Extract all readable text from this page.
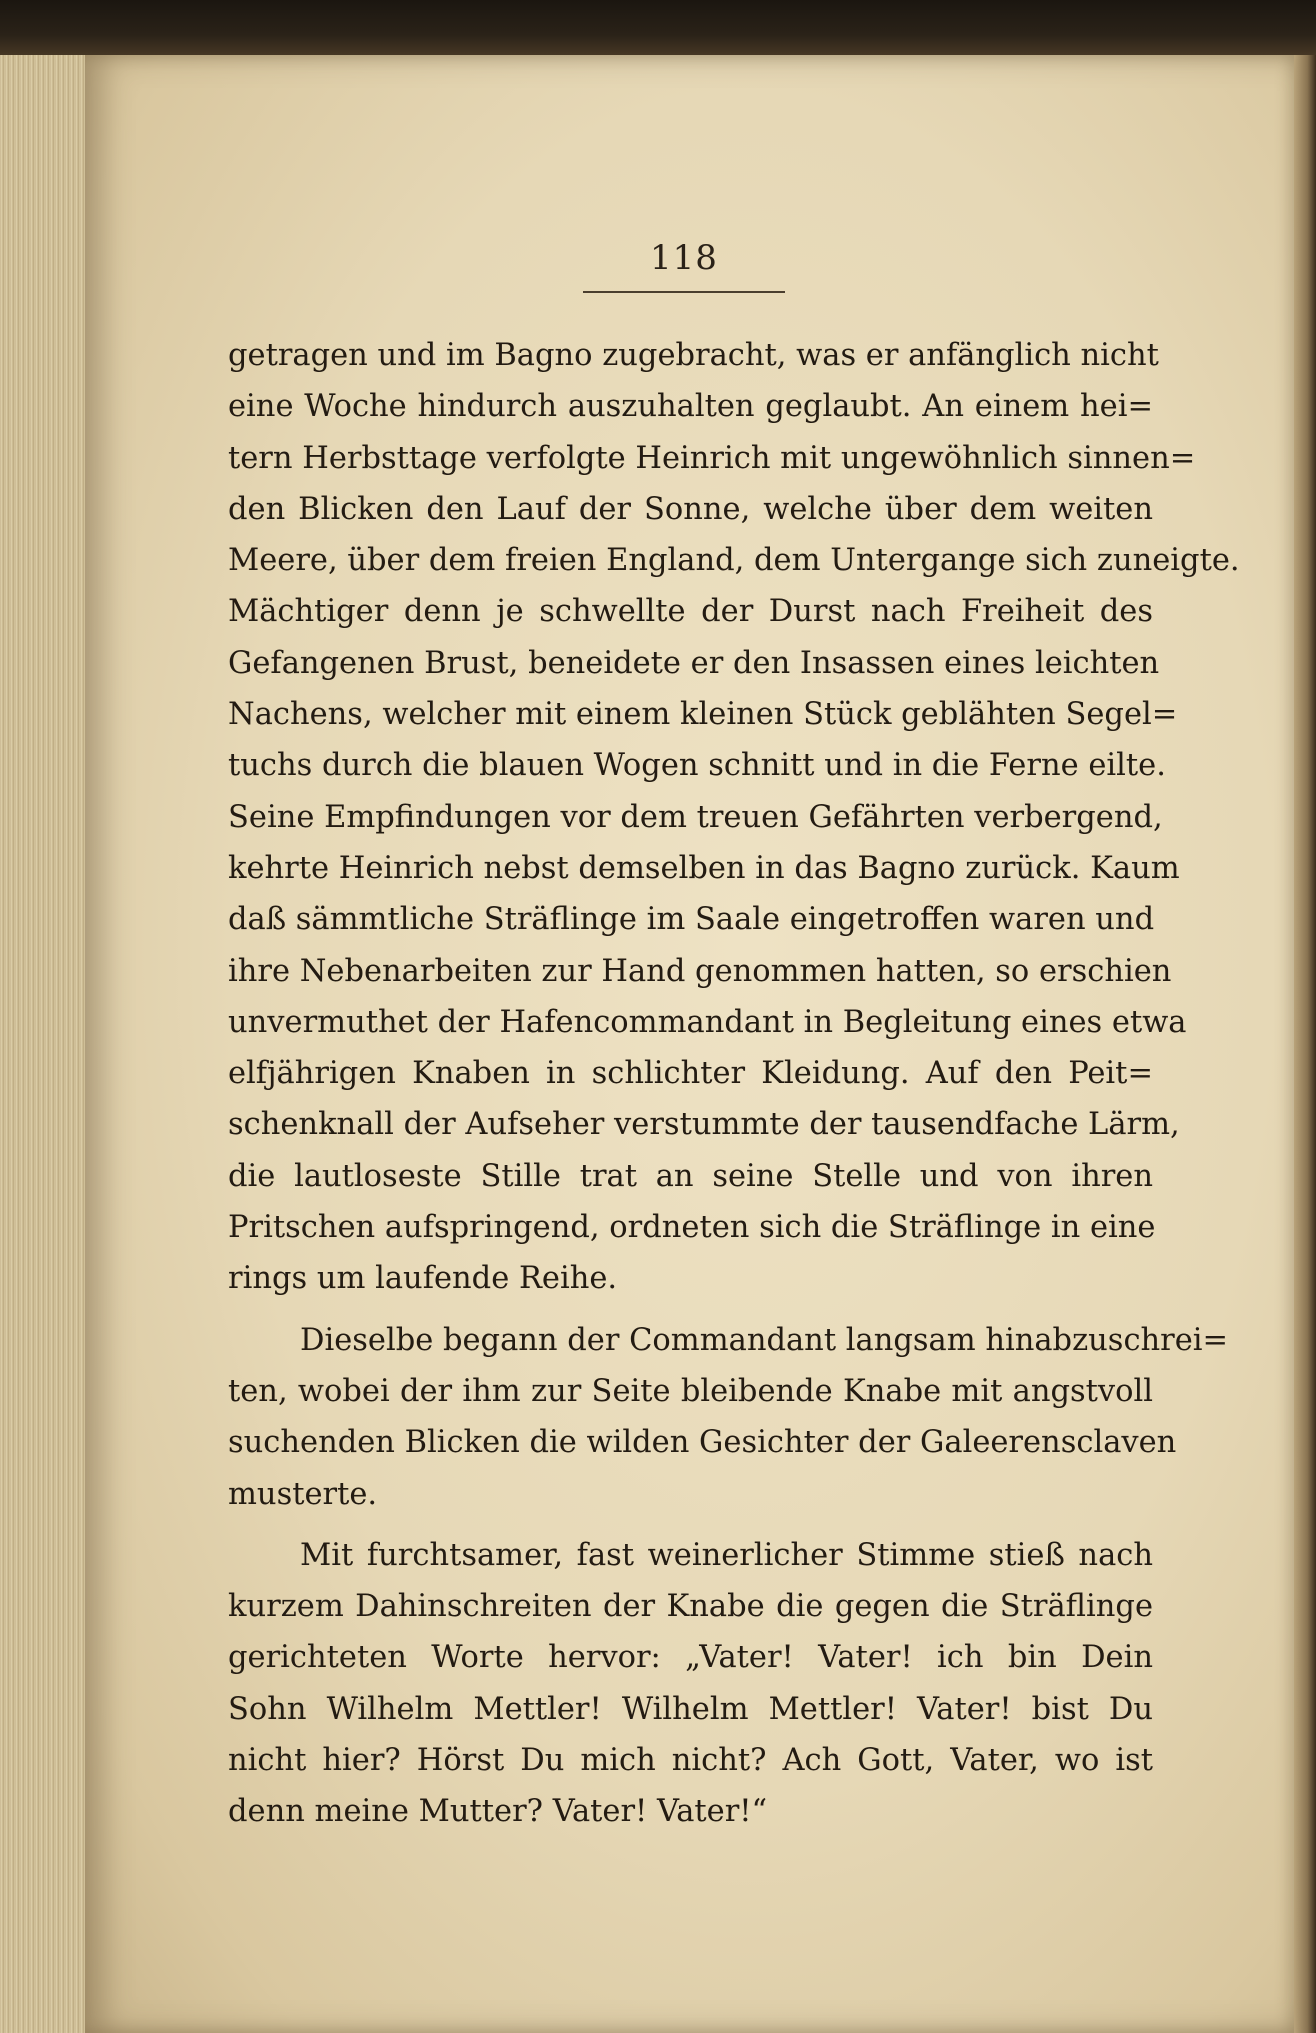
118
getragen und im Bagno zugebracht, was er anfänglich nicht
eine Woche hindurch auszuhalten geglaubt. An einem hei=
tern Herbsttage verfolgte Heinrich mit ungewöhnlich sinnen=
den Blicken den Lauf der Sonne, welche über dem weiten
Meere, über dem freien England, dem Untergange sich zuneigte.
Mächtiger denn je schwellte der Durst nach Freiheit des
Gefangenen Brust, beneidete er den Insassen eines leichten
Nachens, welcher mit einem kleinen Stück geblähten Segel=
tuchs durch die blauen Wogen schnitt und in die Ferne eilte.
Seine Empfindungen vor dem treuen Gefährten verbergend,
kehrte Heinrich nebst demselben in das Bagno zurück. Kaum
daß sämmtliche Sträflinge im Saale eingetroffen waren und
ihre Nebenarbeiten zur Hand genommen hatten, so erschien
unvermuthet der Hafencommandant in Begleitung eines etwa
elfjährigen Knaben in schlichter Kleidung. Auf den Peit=
schenknall der Aufseher verstummte der tausendfache Lärm,
die lautloseste Stille trat an seine Stelle und von ihren
Pritschen aufspringend, ordneten sich die Sträflinge in eine
rings um laufende Reihe.
Dieselbe begann der Commandant langsam hinabzuschrei=
ten, wobei der ihm zur Seite bleibende Knabe mit angstvoll
suchenden Blicken die wilden Gesichter der Galeerensclaven
musterte.
Mit furchtsamer, fast weinerlicher Stimme stieß nach
kurzem Dahinschreiten der Knabe die gegen die Sträflinge
gerichteten Worte hervor: „Vater! Vater! ich bin Dein
Sohn Wilhelm Mettler! Wilhelm Mettler! Vater! bist Du
nicht hier? Hörst Du mich nicht? Ach Gott, Vater, wo ist
denn meine Mutter? Vater! Vater!“
